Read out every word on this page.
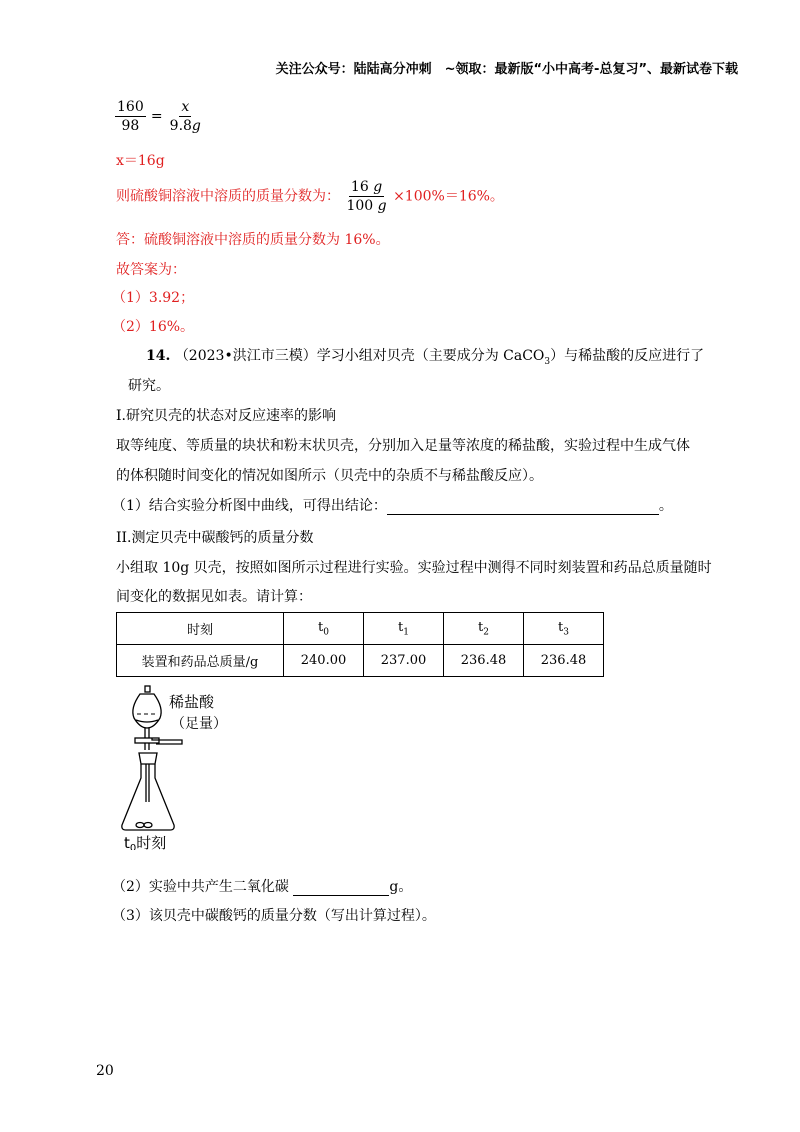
关注公众号：陆陆高分冲刺　~领取：最新版“小中高考-总复习”、最新试卷下载
$\frac{160}{98} = \frac{x}{9.8g}$
x＝16g
则硫酸铜溶液中溶质的质量分数为： $\frac{16 g}{100 g} \times 100\%=16\%$。
答：硫酸铜溶液中溶质的质量分数为 16%。
故答案为：
（1）3.92；
（2）16%。
14. （2023•洪江市三模）学习小组对贝壳（主要成分为 CaCO$_3$）与稀盐酸的反应进行了
研究。
I.研究贝壳的状态对反应速率的影响
取等纯度、等质量的块状和粉末状贝壳，分别加入足量等浓度的稀盐酸，实验过程中生成气体
的体积随时间变化的情况如图所示（贝壳中的杂质不与稀盐酸反应）。
（1）结合实验分析图中曲线，可得出结论：	。
II.测定贝壳中碳酸钙的质量分数
小组取 10g 贝壳，按照如图所示过程进行实验。实验过程中测得不同时刻装置和药品总质量随时
间变化的数据见如表。请计算：
时刻	$t_0$	$t_1$	$t_2$	$t_3$
装置和药品总质量/g	240.00	237.00	236.48	236.48
稀盐酸
（足量）
$t_0$时刻
（2）实验中共产生二氧化碳	g。
（3）该贝壳中碳酸钙的质量分数（写出计算过程）。
20
